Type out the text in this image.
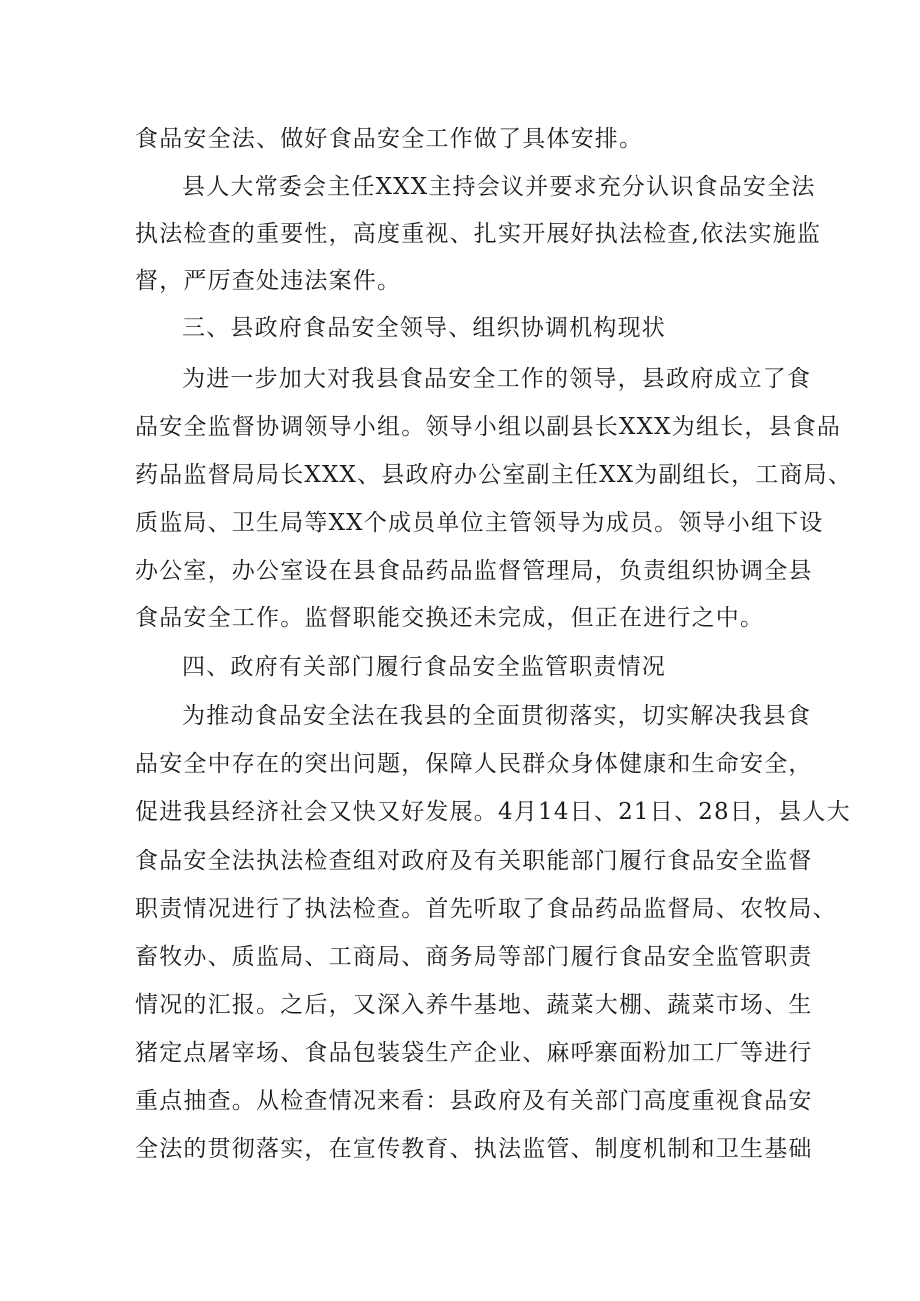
食品安全法、做好食品安全工作做了具体安排。
县人大常委会主任XXX主持会议并要求充分认识食品安全法
执法检查的重要性，高度重视、扎实开展好执法检查,依法实施监
督，严厉查处违法案件。
三、县政府食品安全领导、组织协调机构现状
为进一步加大对我县食品安全工作的领导，县政府成立了食
品安全监督协调领导小组。领导小组以副县长XXX为组长，县食品
药品监督局局长XXX、县政府办公室副主任XX为副组长，工商局、
质监局、卫生局等XX个成员单位主管领导为成员。领导小组下设
办公室，办公室设在县食品药品监督管理局，负责组织协调全县
食品安全工作。监督职能交换还未完成，但正在进行之中。
四、政府有关部门履行食品安全监管职责情况
为推动食品安全法在我县的全面贯彻落实，切实解决我县食
品安全中存在的突出问题，保障人民群众身体健康和生命安全，
促进我县经济社会又快又好发展。4月14日、21日、28日，县人大
食品安全法执法检查组对政府及有关职能部门履行食品安全监督
职责情况进行了执法检查。首先听取了食品药品监督局、农牧局、
畜牧办、质监局、工商局、商务局等部门履行食品安全监管职责
情况的汇报。之后，又深入养牛基地、蔬菜大棚、蔬菜市场、生
猪定点屠宰场、食品包装袋生产企业、麻呼寨面粉加工厂等进行
重点抽查。从检查情况来看：县政府及有关部门高度重视食品安
全法的贯彻落实，在宣传教育、执法监管、制度机制和卫生基础
